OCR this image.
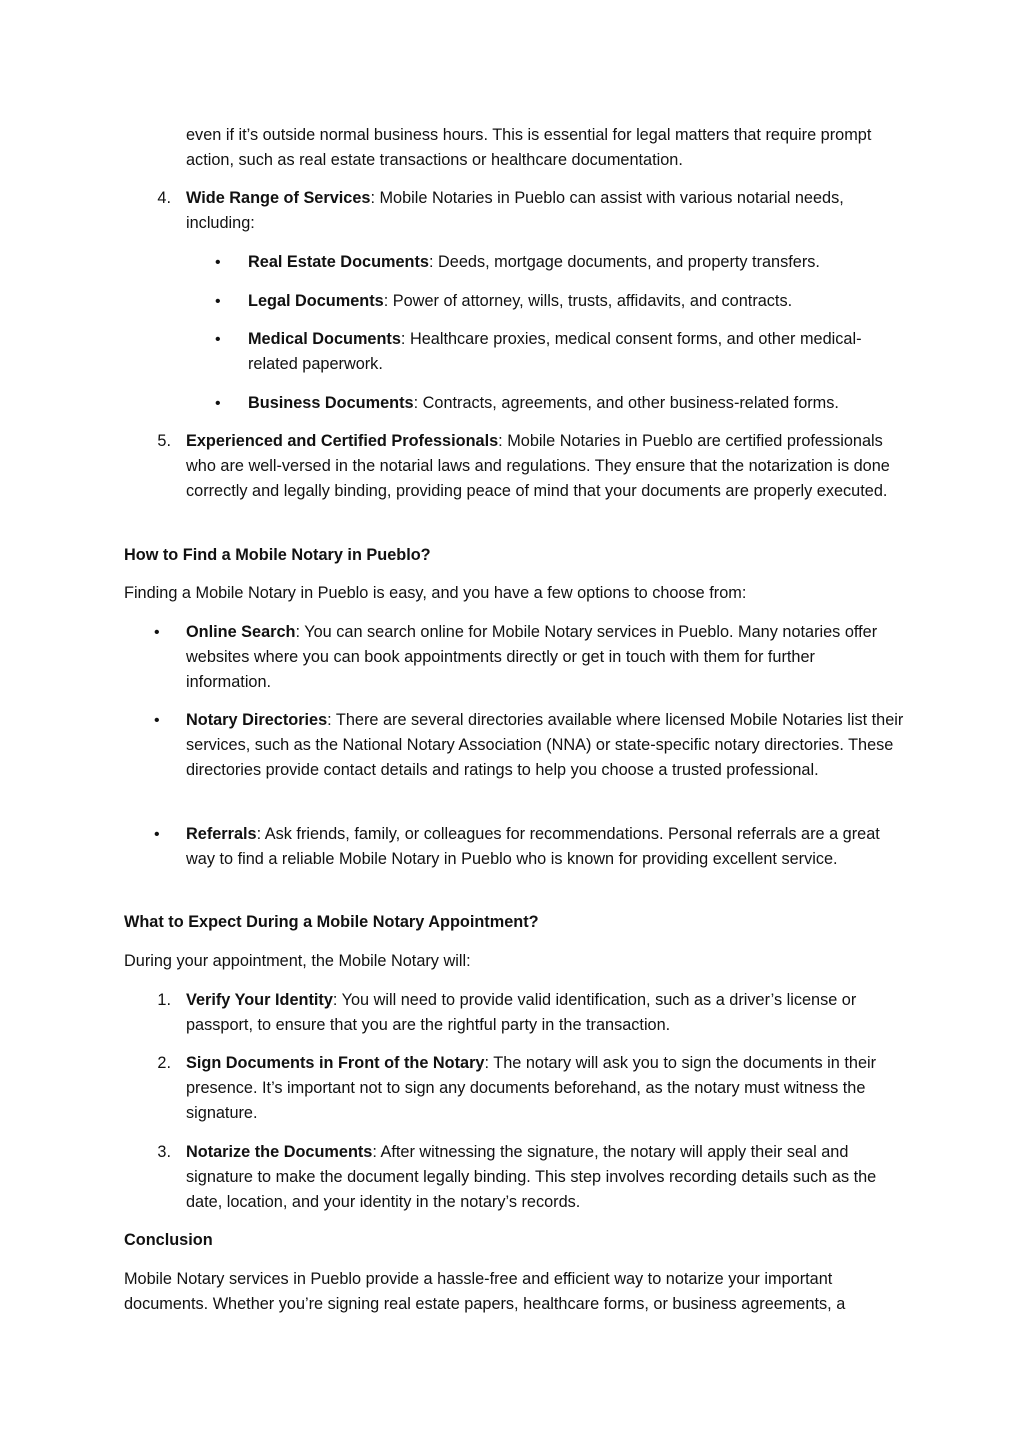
even if it’s outside normal business hours. This is essential for legal matters that require prompt action, such as real estate transactions or healthcare documentation.
4. Wide Range of Services: Mobile Notaries in Pueblo can assist with various notarial needs, including:
• Real Estate Documents: Deeds, mortgage documents, and property transfers.
• Legal Documents: Power of attorney, wills, trusts, affidavits, and contracts.
• Medical Documents: Healthcare proxies, medical consent forms, and other medical-related paperwork.
• Business Documents: Contracts, agreements, and other business-related forms.
5. Experienced and Certified Professionals: Mobile Notaries in Pueblo are certified professionals who are well-versed in the notarial laws and regulations. They ensure that the notarization is done correctly and legally binding, providing peace of mind that your documents are properly executed.
How to Find a Mobile Notary in Pueblo?
Finding a Mobile Notary in Pueblo is easy, and you have a few options to choose from:
• Online Search: You can search online for Mobile Notary services in Pueblo. Many notaries offer websites where you can book appointments directly or get in touch with them for further information.
• Notary Directories: There are several directories available where licensed Mobile Notaries list their services, such as the National Notary Association (NNA) or state-specific notary directories. These directories provide contact details and ratings to help you choose a trusted professional.
• Referrals: Ask friends, family, or colleagues for recommendations. Personal referrals are a great way to find a reliable Mobile Notary in Pueblo who is known for providing excellent service.
What to Expect During a Mobile Notary Appointment?
During your appointment, the Mobile Notary will:
1. Verify Your Identity: You will need to provide valid identification, such as a driver’s license or passport, to ensure that you are the rightful party in the transaction.
2. Sign Documents in Front of the Notary: The notary will ask you to sign the documents in their presence. It’s important not to sign any documents beforehand, as the notary must witness the signature.
3. Notarize the Documents: After witnessing the signature, the notary will apply their seal and signature to make the document legally binding. This step involves recording details such as the date, location, and your identity in the notary’s records.
Conclusion
Mobile Notary services in Pueblo provide a hassle-free and efficient way to notarize your important documents. Whether you’re signing real estate papers, healthcare forms, or business agreements, a
